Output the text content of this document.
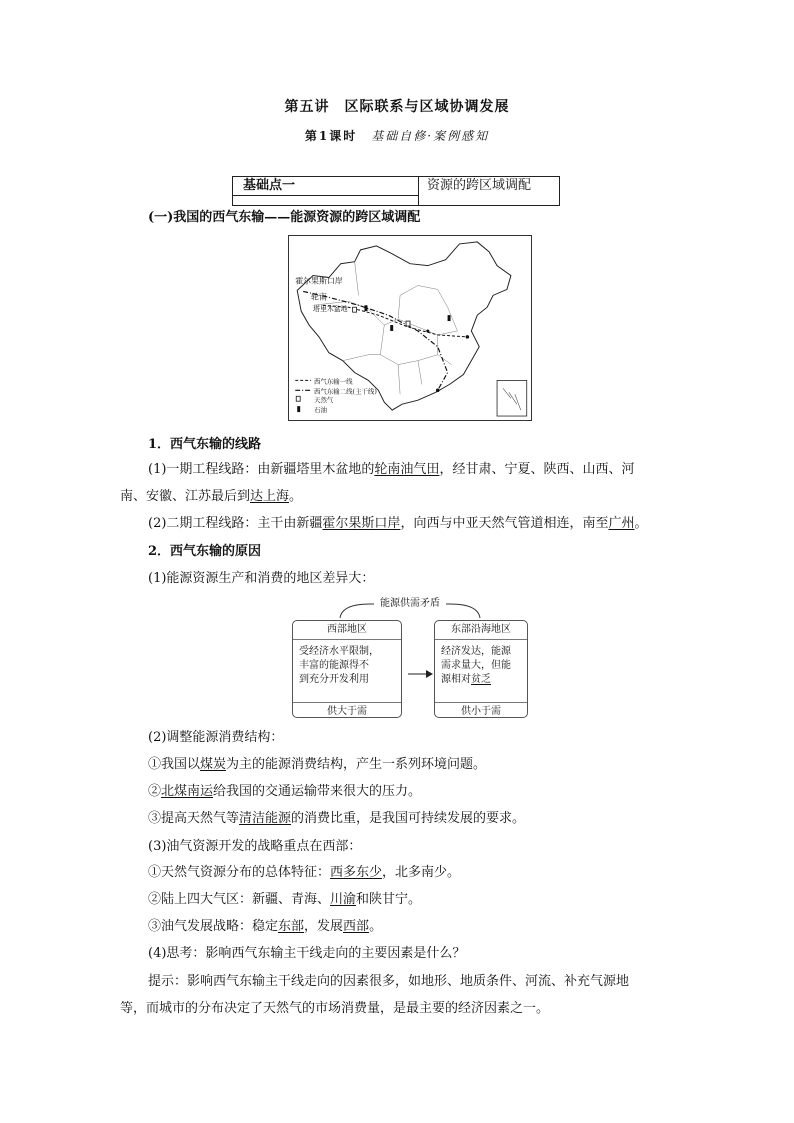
第五讲　区际联系与区域协调发展
第1课时　基础自修·案例感知
基础点一	资源的跨区域调配
(一)我国的西气东输——能源资源的跨区域调配
霍尔果斯口岸
轮南
塔里木盆地
西气东输一线
西气东输二线(主干线)
天然气
石油
1．西气东输的线路
(1)一期工程线路：由新疆塔里木盆地的轮南油气田，经甘肃、宁夏、陕西、山西、河
南、安徽、江苏最后到达上海。
(2)二期工程线路：主干由新疆霍尔果斯口岸，向西与中亚天然气管道相连，南至广州。
2．西气东输的原因
(1)能源资源生产和消费的地区差异大：
能源供需矛盾
西部地区
受经济水平限制，
丰富的能源得不
到充分开发利用
供大于需
东部沿海地区
经济发达，能源
需求量大，但能
源相对贫乏
供小于需
(2)调整能源消费结构：
①我国以煤炭为主的能源消费结构，产生一系列环境问题。
②北煤南运给我国的交通运输带来很大的压力。
③提高天然气等清洁能源的消费比重，是我国可持续发展的要求。
(3)油气资源开发的战略重点在西部：
①天然气资源分布的总体特征：西多东少，北多南少。
②陆上四大气区：新疆、青海、川渝和陕甘宁。
③油气发展战略：稳定东部，发展西部。
(4)思考：影响西气东输主干线走向的主要因素是什么？
提示：影响西气东输主干线走向的因素很多，如地形、地质条件、河流、补充气源地
等，而城市的分布决定了天然气的市场消费量，是最主要的经济因素之一。
